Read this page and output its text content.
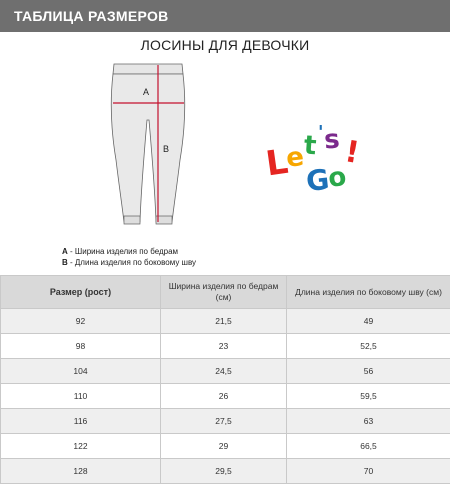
ТАБЛИЦА РАЗМЕРОВ
ЛОСИНЫ ДЛЯ ДЕВОЧКИ
A
B
A - Ширина изделия по бедрам
B - Длина изделия по боковому шву
L
e
t ' s
G
o
!
Размер (рост)	Ширина изделия по бедрам (см)	Длина изделия по боковому шву (см)
92	21,5	49
98	23	52,5
104	24,5	56
110	26	59,5
116	27,5	63
122	29	66,5
128	29,5	70
